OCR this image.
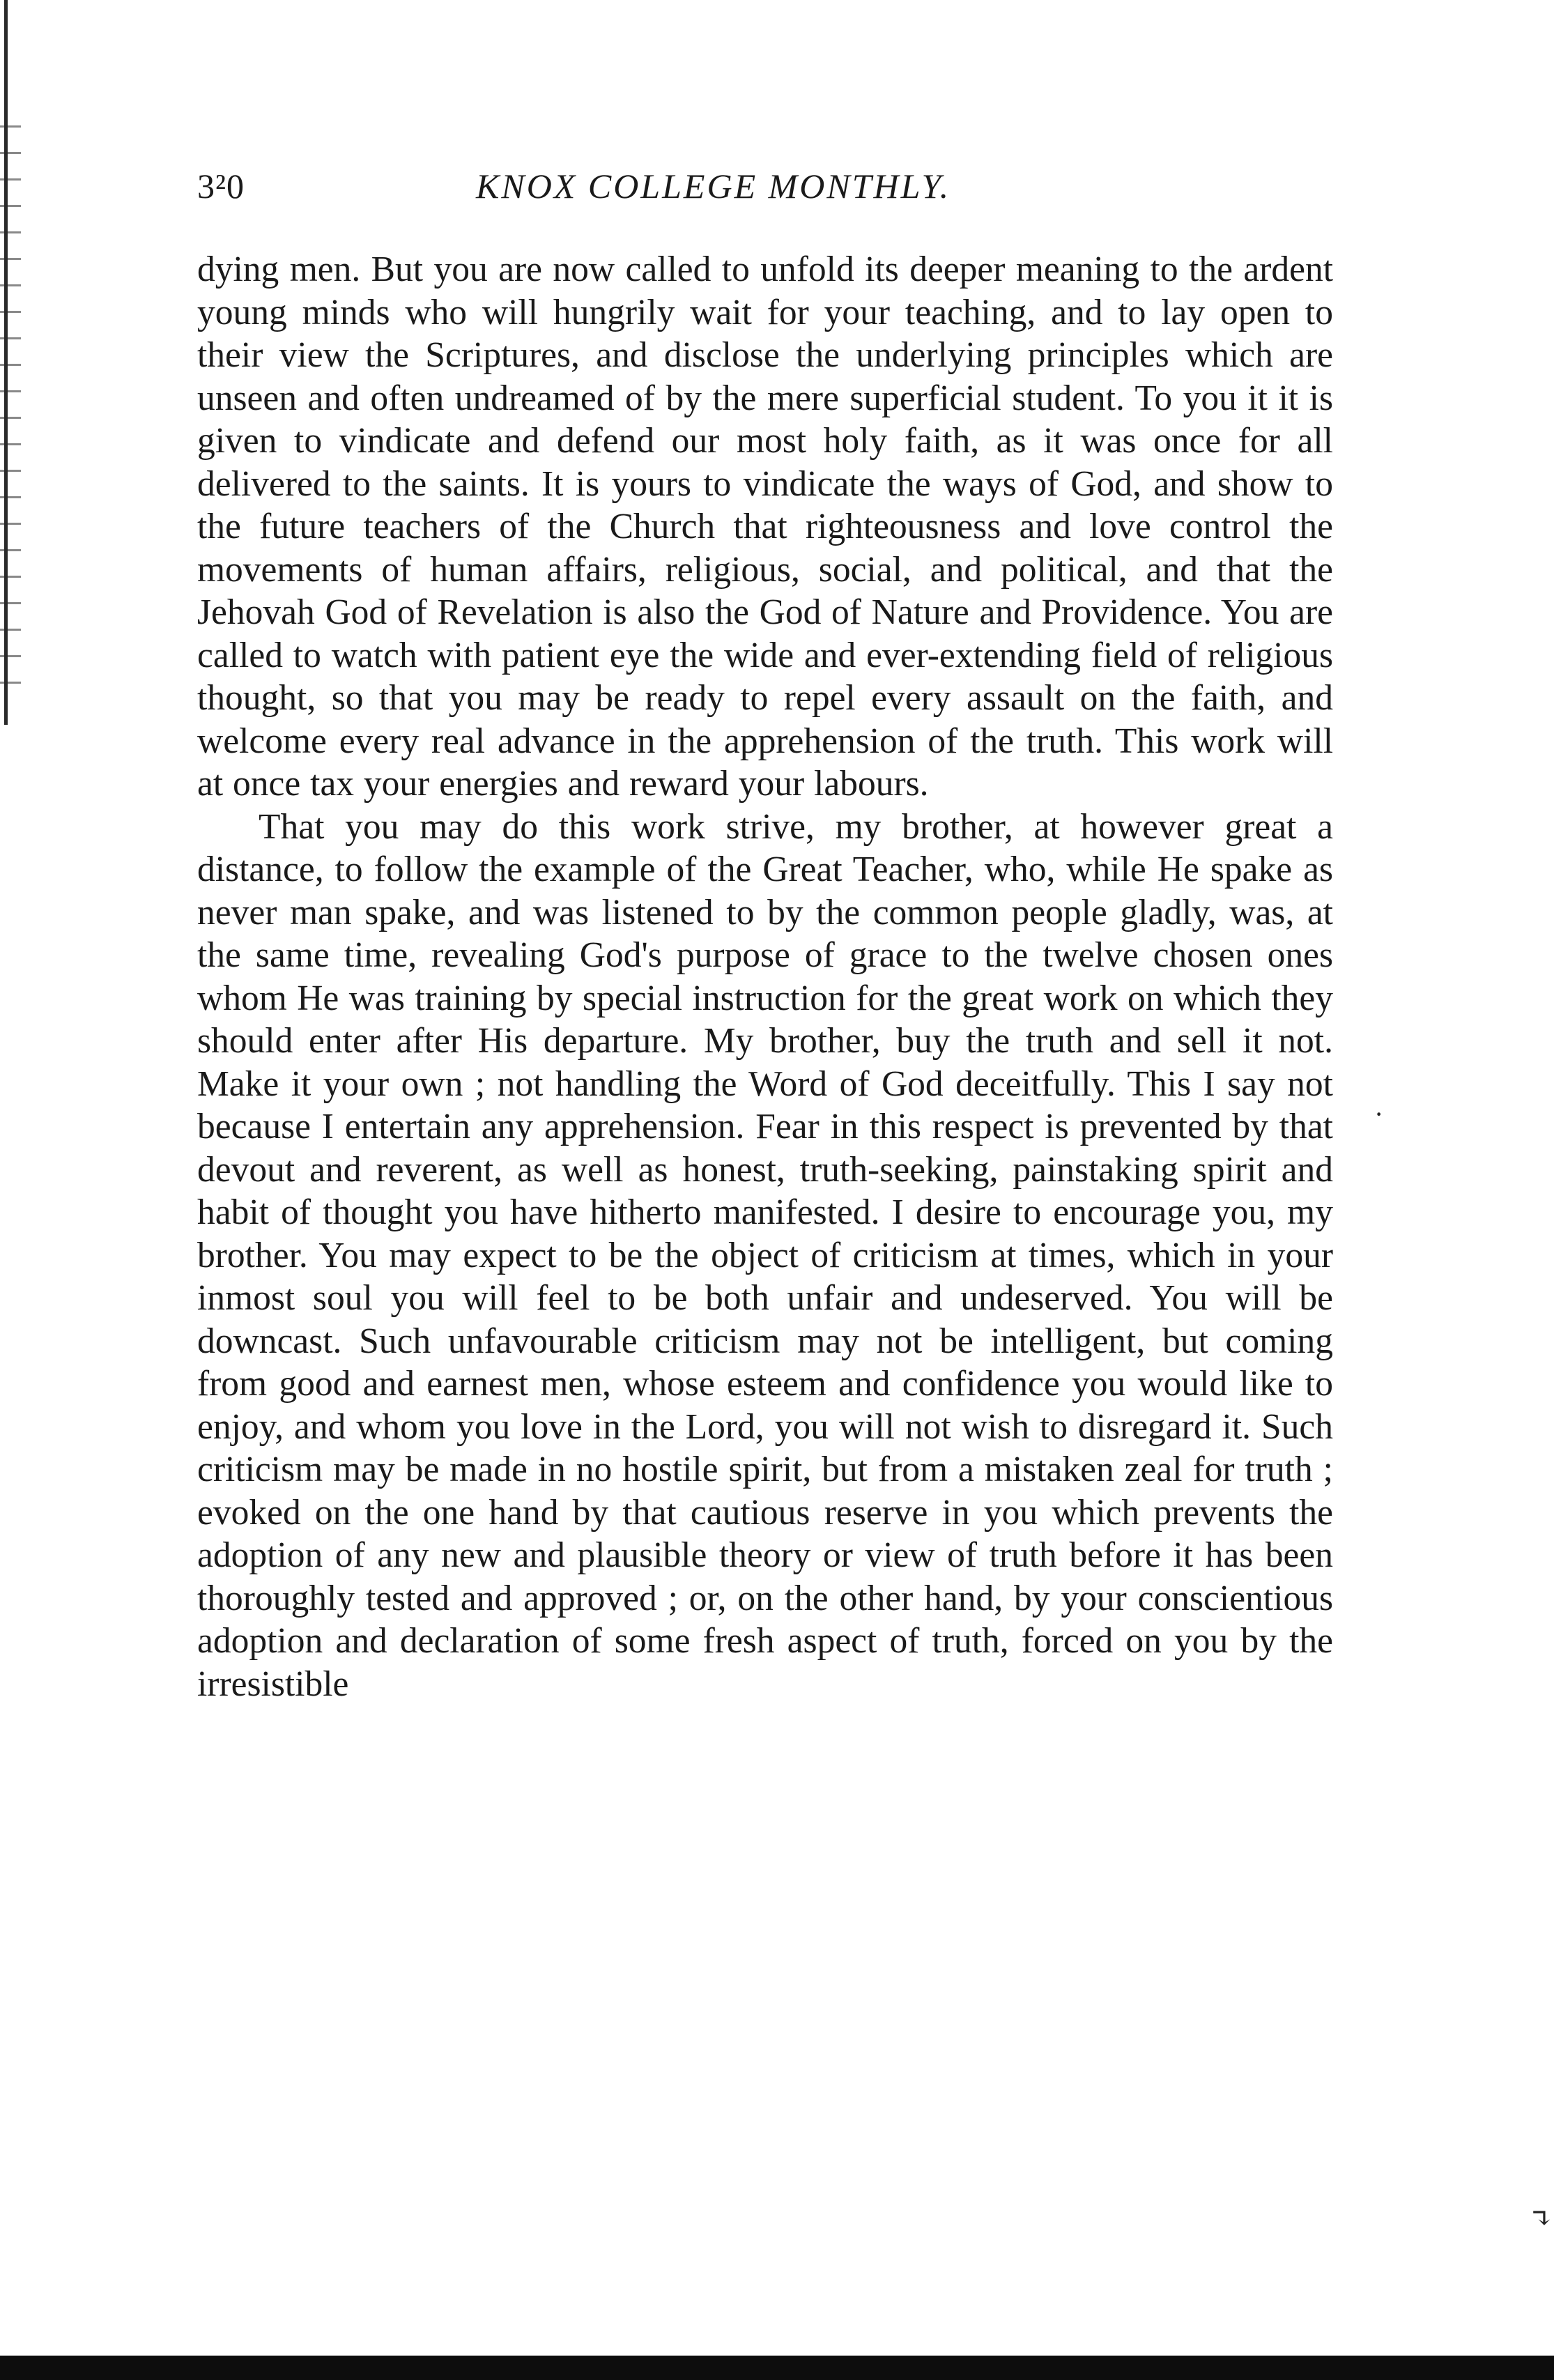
3²0	KNOX COLLEGE MONTHLY.

dying men. But you are now called to unfold its deeper meaning to the ardent young minds who will hungrily wait for your teaching, and to lay open to their view the Scriptures, and disclose the underlying principles which are unseen and often undreamed of by the mere superficial student. To you it it is given to vindicate and defend our most holy faith, as it was once for all delivered to the saints. It is yours to vindicate the ways of God, and show to the future teachers of the Church that righteousness and love control the movements of human affairs, religious, social, and political, and that the Jehovah God of Revelation is also the God of Nature and Providence. You are called to watch with patient eye the wide and ever-extending field of religious thought, so that you may be ready to repel every assault on the faith, and welcome every real advance in the apprehension of the truth. This work will at once tax your energies and reward your labours.

That you may do this work strive, my brother, at however great a distance, to follow the example of the Great Teacher, who, while He spake as never man spake, and was listened to by the common people gladly, was, at the same time, revealing God's purpose of grace to the twelve chosen ones whom He was training by special instruction for the great work on which they should enter after His departure. My brother, buy the truth and sell it not. Make it your own ; not handling the Word of God deceitfully. This I say not because I entertain any apprehension. Fear in this respect is prevented by that devout and reverent, as well as honest, truth-seeking, painstaking spirit and habit of thought you have hitherto manifested. I desire to encourage you, my brother. You may expect to be the object of criticism at times, which in your inmost soul you will feel to be both unfair and undeserved. You will be downcast. Such unfavourable criticism may not be intelligent, but coming from good and earnest men, whose esteem and confidence you would like to enjoy, and whom you love in the Lord, you will not wish to disregard it. Such criticism may be made in no hostile spirit, but from a mistaken zeal for truth ; evoked on the one hand by that cautious reserve in you which prevents the adoption of any new and plausible theory or view of truth before it has been thoroughly tested and approved ; or, on the other hand, by your conscientious adoption and declaration of some fresh aspect of truth, forced on you by the irresistible

·
↴
